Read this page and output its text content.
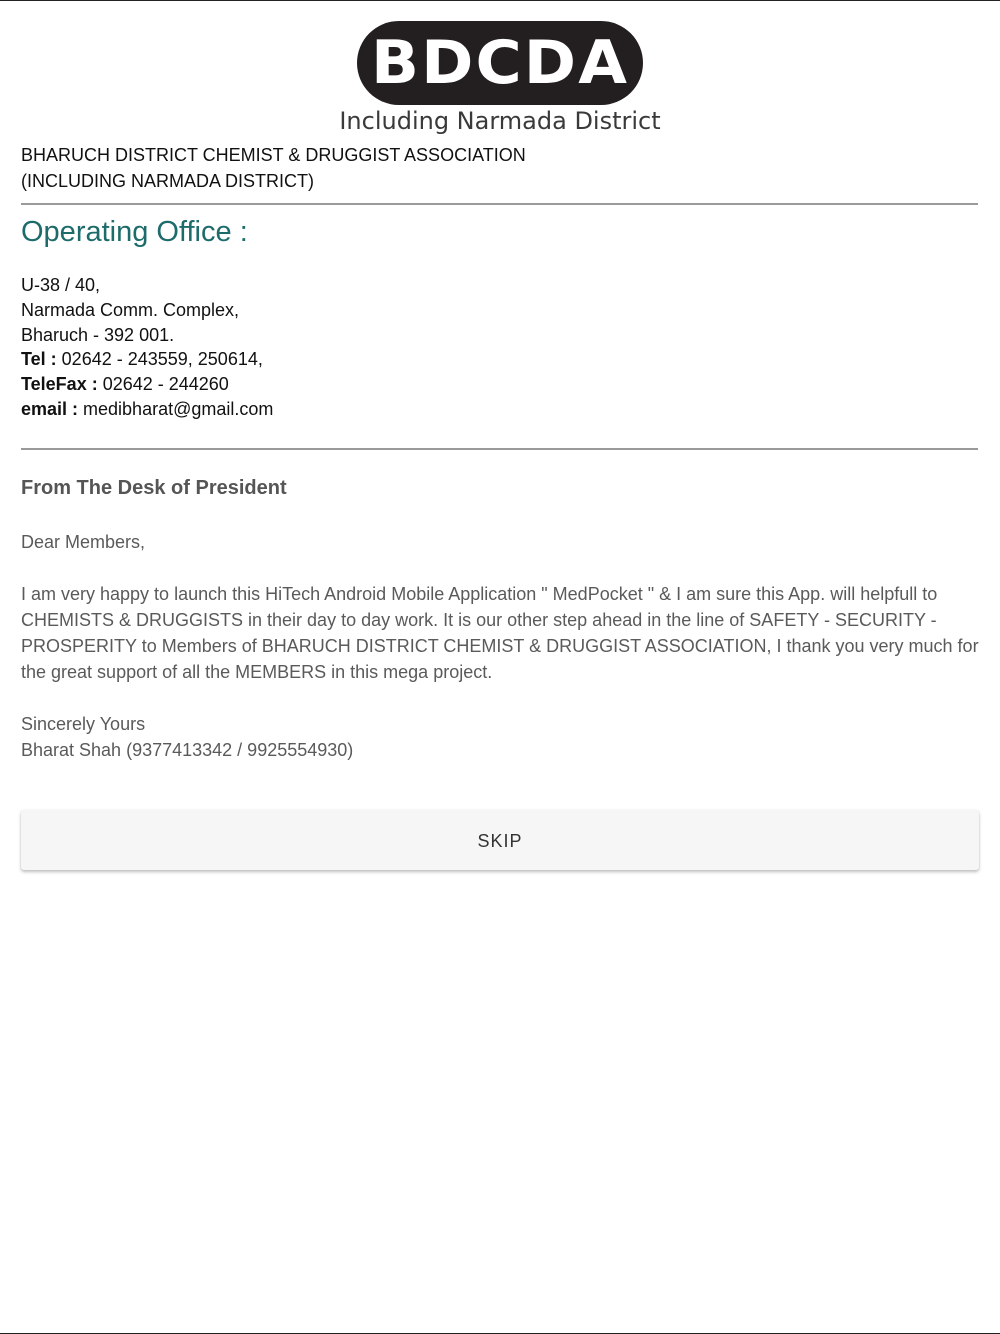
BDCDA
Including Narmada District
BHARUCH DISTRICT CHEMIST & DRUGGIST ASSOCIATION
(INCLUDING NARMADA DISTRICT)
Operating Office :
U-38 / 40,
Narmada Comm. Complex,
Bharuch - 392 001.
Tel : 02642 - 243559, 250614,
TeleFax : 02642 - 244260
email : medibharat@gmail.com
From The Desk of President

Dear Members,

I am very happy to launch this HiTech Android Mobile Application " MedPocket " & I am sure this App. will helpfull to CHEMISTS & DRUGGISTS in their day to day work. It is our other step ahead in the line of SAFETY - SECURITY - PROSPERITY to Members of BHARUCH DISTRICT CHEMIST & DRUGGIST ASSOCIATION, I thank you very much for the great support of all the MEMBERS in this mega project.

Sincerely Yours
Bharat Shah (9377413342 / 9925554930)
SKIP
